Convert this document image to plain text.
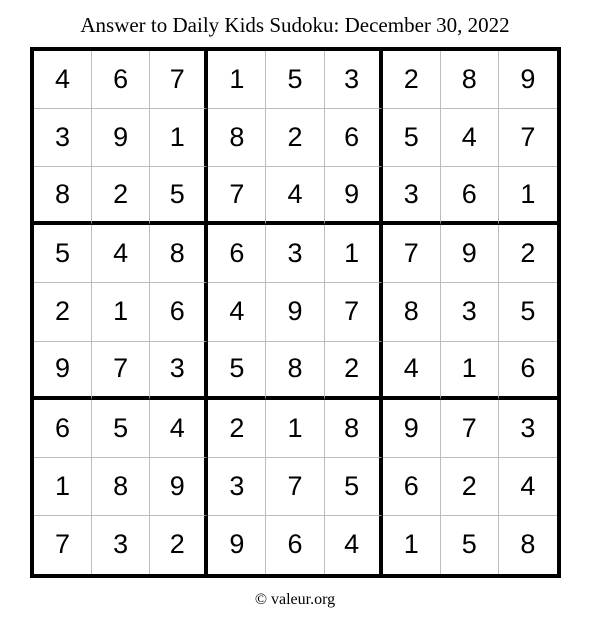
Answer to Daily Kids Sudoku: December 30, 2022
4	6	7	1	5	3	2	8	9
3	9	1	8	2	6	5	4	7
8	2	5	7	4	9	3	6	1
5	4	8	6	3	1	7	9	2
2	1	6	4	9	7	8	3	5
9	7	3	5	8	2	4	1	6
6	5	4	2	1	8	9	7	3
1	8	9	3	7	5	6	2	4
7	3	2	9	6	4	1	5	8
© valeur.org
